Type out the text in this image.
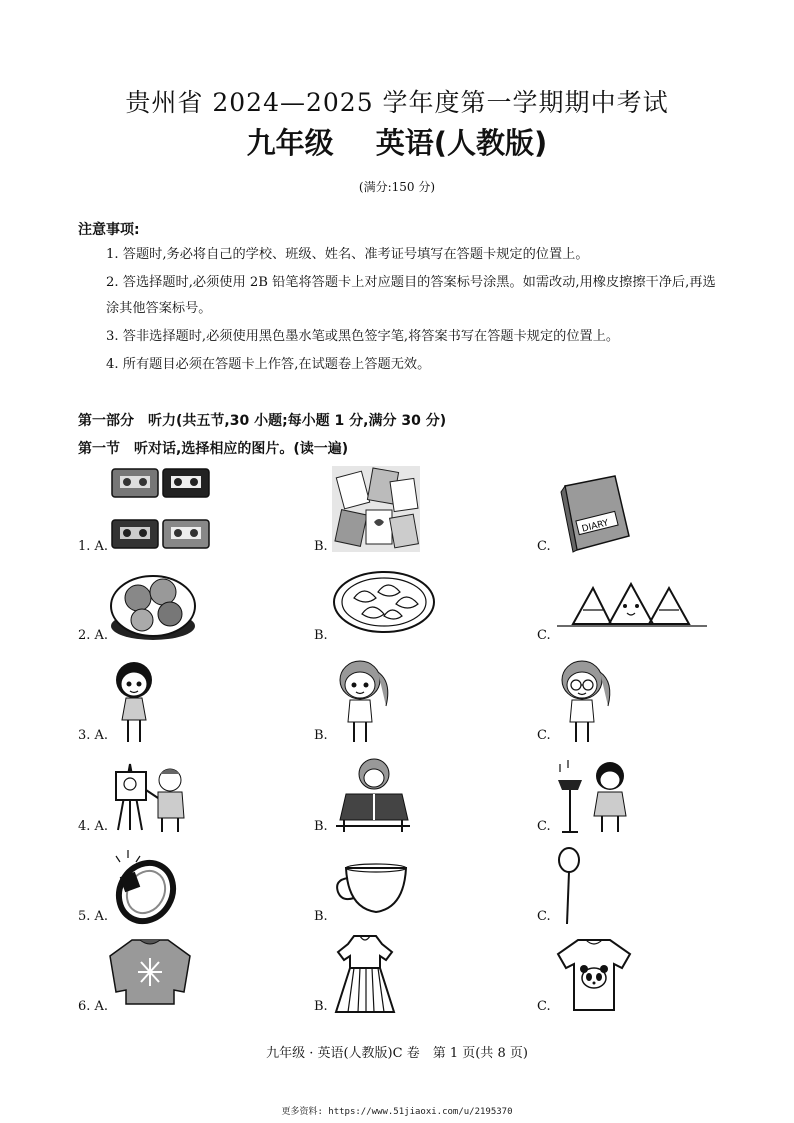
贵州省 2024—2025 学年度第一学期期中考试
九年级 英语(人教版)
(满分:150 分)
注意事项:
1. 答题时,务必将自己的学校、班级、姓名、准考证号填写在答题卡规定的位置上。
2. 答选择题时,必须使用 2B 铅笔将答题卡上对应题目的答案标号涂黑。如需改动,用橡皮擦擦干净后,再选涂其他答案标号。
3. 答非选择题时,必须使用黑色墨水笔或黑色签字笔,将答案书写在答题卡规定的位置上。
4. 所有题目必须在答题卡上作答,在试题卷上答题无效。
第一部分　听力(共五节,30 小题;每小题 1 分,满分 30 分)
第一节　听对话,选择相应的图片。(读一遍)
1. A.	B.	C.
2. A.	B.	C.
3. A.	B.	C.
4. A.	B.	C.
5. A.	B.	C.
6. A.	B.	C.
DIARY
九年级 · 英语(人教版)C 卷　第 1 页(共 8 页)
更多资料: https://www.51jiaoxi.com/u/2195370
